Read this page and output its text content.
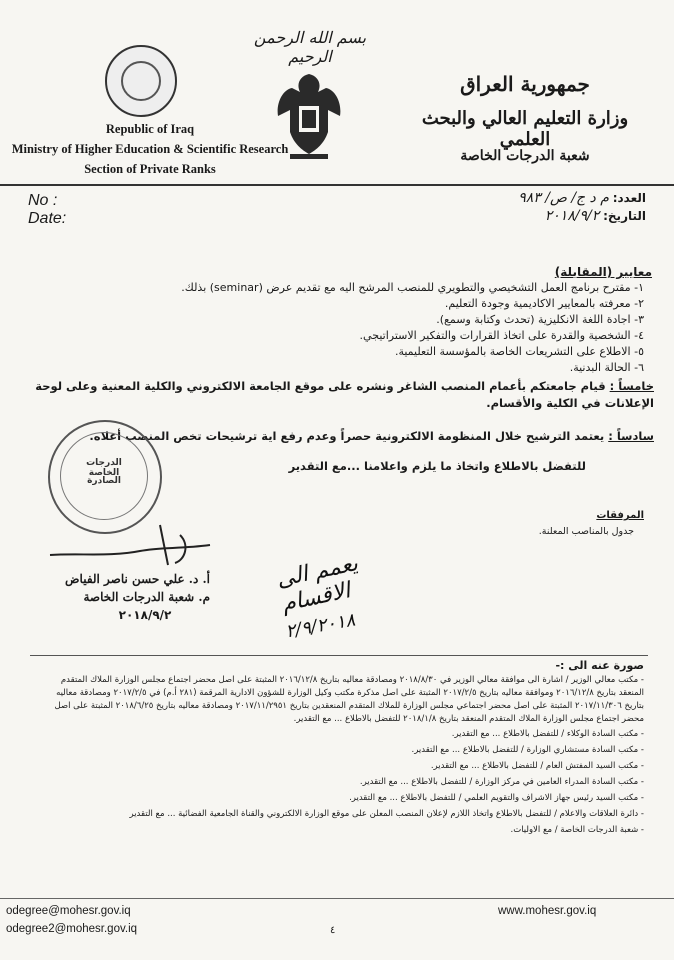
بسم الله الرحمن الرحيم
Republic of Iraq
Ministry of Higher Education & Scientific Research
Section of Private Ranks
جمهورية العراق
وزارة التعليم العالي والبحث العلمي
شعبة الدرجات الخاصة
No :
Date:
العدد: م د ج/ ص/ ٩٨٣
التاريخ: ٢٠١٨/٩/٢
معايير (المقابلة)
١- مقترح برنامج العمل التشخيصي والتطويري للمنصب المرشح اليه مع تقديم عرض (seminar) بذلك.
٢- معرفته بالمعايير الاكاديمية وجودة التعليم.
٣- اجادة اللغة الانكليزية (تحدث وكتابة وسمع).
٤- الشخصية والقدرة على اتخاذ القرارات والتفكير الاستراتيجي.
٥- الاطلاع على التشريعات الخاصة بالمؤسسة التعليمية.
٦- الحالة البدنية.
خامساً : قيام جامعتكم بأعمام المنصب الشاغر ونشره على موقع الجامعة الالكتروني والكلية المعنية وعلى لوحة الإعلانات في الكلية والأقسام.
سادساً : يعتمد الترشيح خلال المنظومة الالكترونية حصراً وعدم رفع اية ترشيحات تخص المنصب أعلاه.
للتفضل بالاطلاع واتخاذ ما يلزم واعلامنا ...مع التقدير
الدرجات الخاصة
الصادرة
المرفقات
جدول بالمناصب المعلنة.
أ. د. علي حسن ناصر الفياض
م. شعبة الدرجات الخاصة
٢٠١٨/٩/٢
يعمم الى الاقسام
٢/٩/٢٠١٨
صورة عنه الى :-
- مكتب معالي الوزير / اشارة الى موافقة معالي الوزير في ٢٠١٨/٨/٣٠ ومصادقة معاليه بتاريخ ٢٠١٦/١٢/٨ المثبتة على اصل محضر اجتماع مجلس الوزارة الملاك المتقدم المنعقد بتاريخ ٢٠١٦/١٢/٨ وموافقة معاليه بتاريخ ٢٠١٧/٢/٥ المثبتة على اصل مذكرة مكتب وكيل الوزارة للشؤون الادارية المرقمة (٢٨١ أ.م) في ٢٠١٧/٢/٥ ومصادقة معاليه بتاريخ ٢٠١٧/١١/٣٠٦ المثبتة على اصل محضر اجتماعي مجلس الوزارة للملاك المتقدم المنعقدين بتاريخ ٢٠١٧/١١/٢٩٥١ ومصادقة معاليه بتاريخ ٢٠١٨/٦/٢٥ المثبتة على اصل محضر اجتماع مجلس الوزارة الملاك المتقدم المنعقد بتاريخ ٢٠١٨/١/٨ للتفضل بالاطلاع ... مع التقدير.
- مكتب السادة الوكلاء / للتفضل بالاطلاع ... مع التقدير.
- مكتب السادة مستشاري الوزارة / للتفضل بالاطلاع ... مع التقدير.
- مكتب السيد المفتش العام / للتفضل بالاطلاع ... مع التقدير.
- مكتب السادة المدراء العامين في مركز الوزارة / للتفضل بالاطلاع ... مع التقدير.
- مكتب السيد رئيس جهاز الاشراف والتقويم العلمي / للتفضل بالاطلاع ... مع التقدير.
- دائرة العلاقات والاعلام / للتفضل بالاطلاع واتخاذ اللازم لإعلان المنصب المعلن على موقع الوزارة الالكتروني والقناة الجامعية الفضائية ... مع التقدير
- شعبة الدرجات الخاصة / مع الاوليات.
odegree@mohesr.gov.iq
odegree2@mohesr.gov.iq
www.mohesr.gov.iq
٤
